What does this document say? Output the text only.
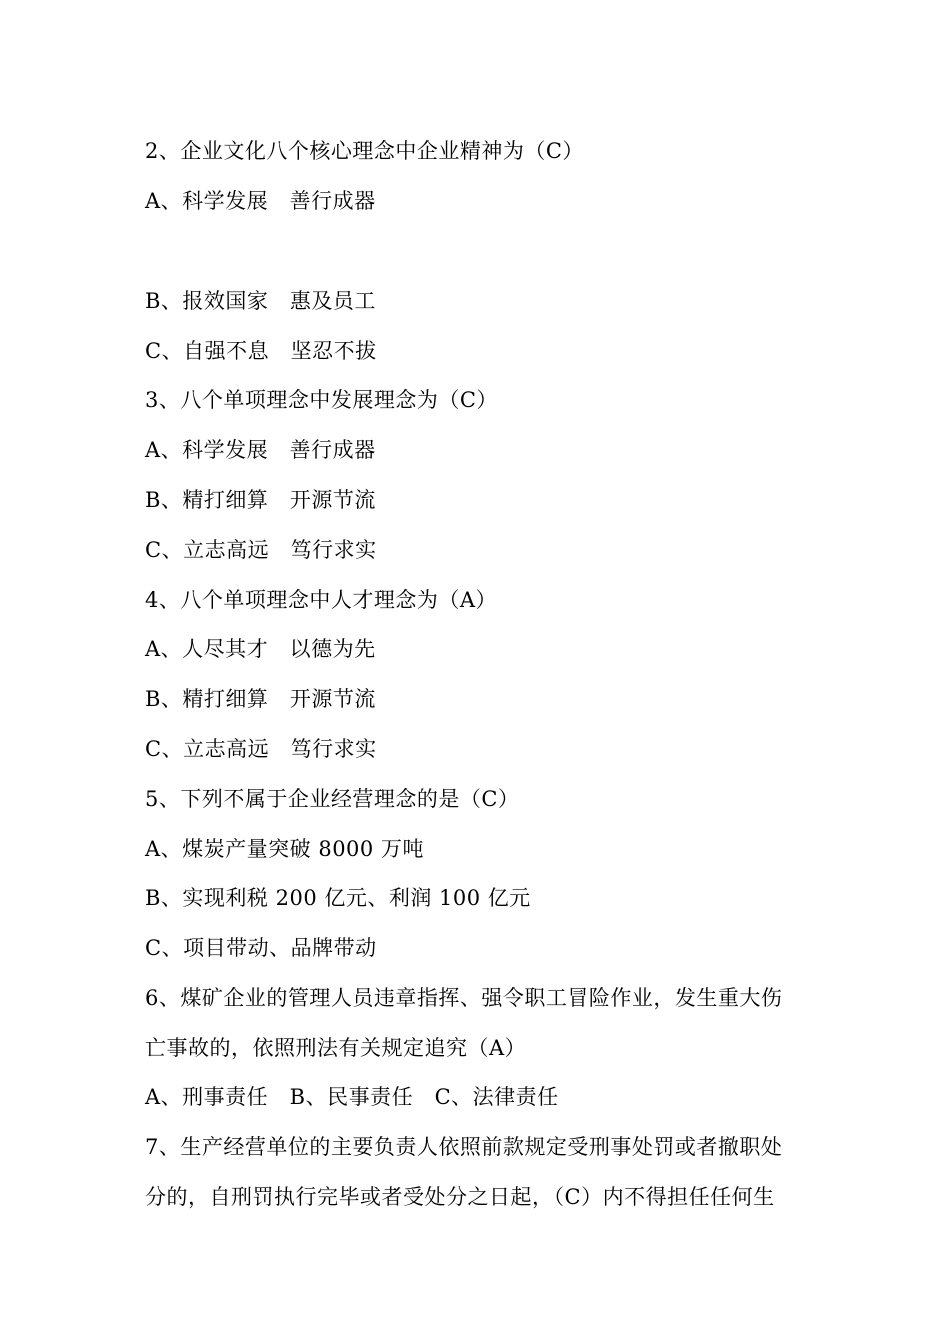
2、企业文化八个核心理念中企业精神为（C）
A、科学发展　善行成器
B、报效国家　惠及员工
C、自强不息　坚忍不拔
3、八个单项理念中发展理念为（C）
A、科学发展　善行成器
B、精打细算　开源节流
C、立志高远　笃行求实
4、八个单项理念中人才理念为（A）
A、人尽其才　以德为先
B、精打细算　开源节流
C、立志高远　笃行求实
5、下列不属于企业经营理念的是（C）
A、煤炭产量突破 8000 万吨
B、实现利税 200 亿元、利润 100 亿元
C、项目带动、品牌带动
6、煤矿企业的管理人员违章指挥、强令职工冒险作业，发生重大伤
亡事故的，依照刑法有关规定追究（A）
A、刑事责任　B、民事责任　C、法律责任
7、生产经营单位的主要负责人依照前款规定受刑事处罚或者撤职处
分的，自刑罚执行完毕或者受处分之日起，（C）内不得担任任何生
